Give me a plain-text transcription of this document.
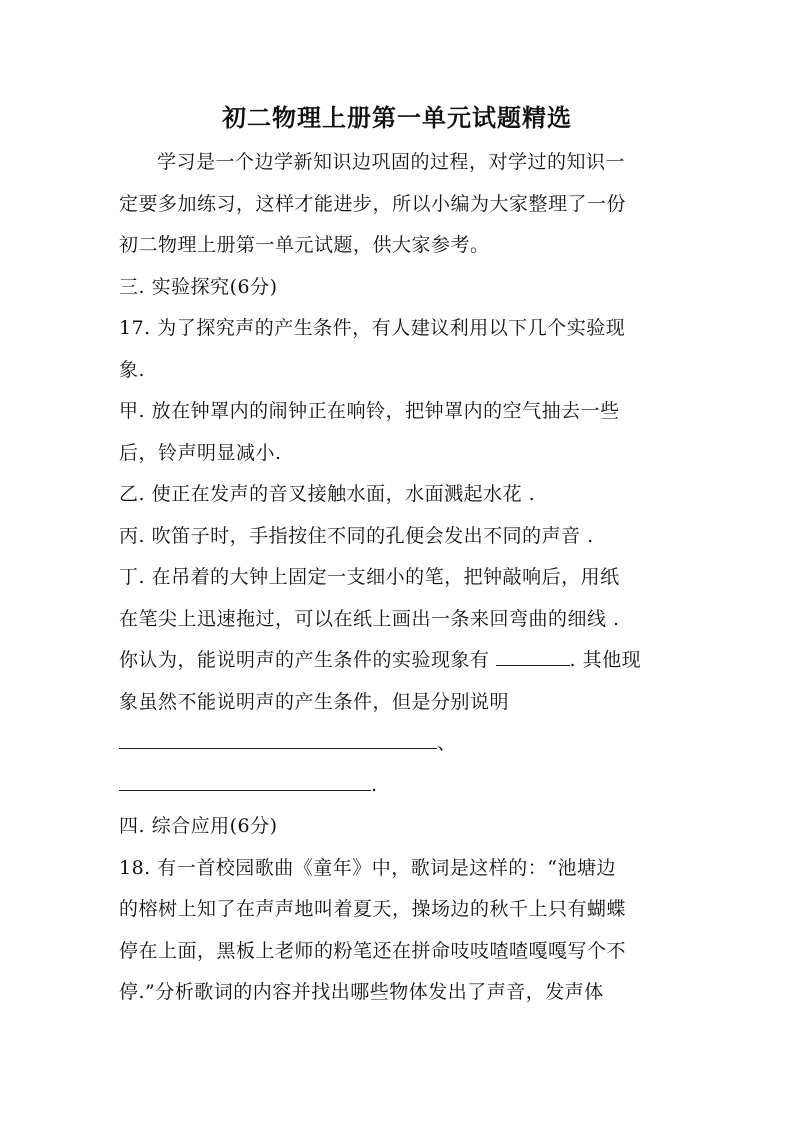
初二物理上册第一单元试题精选

学习是一个边学新知识边巩固的过程，对学过的知识一

定要多加练习，这样才能进步，所以小编为大家整理了一份

初二物理上册第一单元试题，供大家参考。

三. 实验探究(6分)

17. 为了探究声的产生条件，有人建议利用以下几个实验现

象.

甲. 放在钟罩内的闹钟正在响铃，把钟罩内的空气抽去一些

后，铃声明显减小.

乙. 使正在发声的音叉接触水面，水面溅起水花 .

丙. 吹笛子时，手指按住不同的孔便会发出不同的声音 .

丁. 在吊着的大钟上固定一支细小的笔，把钟敲响后，用纸

在笔尖上迅速拖过，可以在纸上画出一条来回弯曲的细线 .

你认为，能说明声的产生条件的实验现象有	. 其他现

象虽然不能说明声的产生条件，但是分别说明

、

.

四. 综合应用(6分)

18. 有一首校园歌曲《童年》中，歌词是这样的：“池塘边

的榕树上知了在声声地叫着夏天，操场边的秋千上只有蝴蝶

停在上面，黑板上老师的粉笔还在拼命吱吱喳喳嘎嘎写个不

停.”分析歌词的内容并找出哪些物体发出了声音，发声体
